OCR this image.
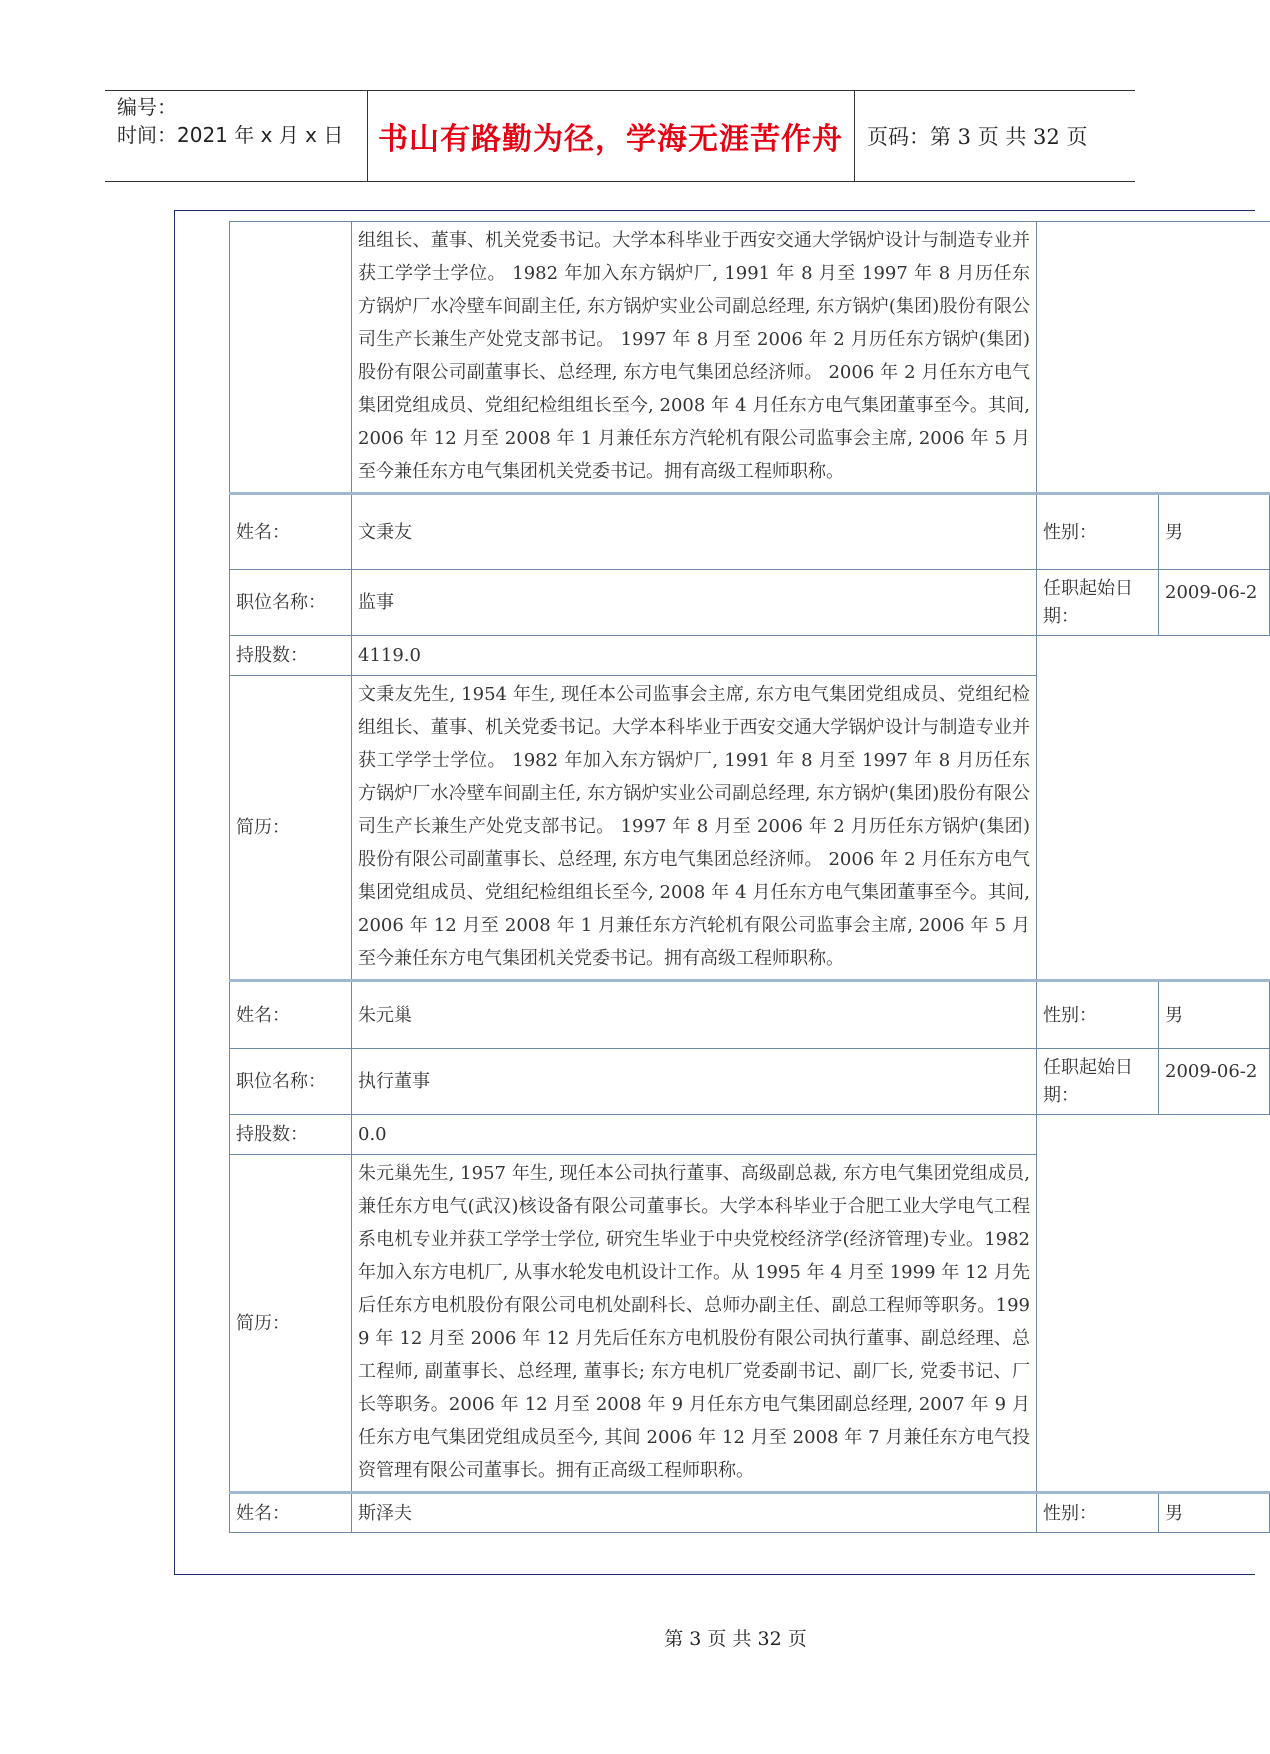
编号：
时间：2021 年 x 月 x 日	书山有路勤为径，学海无涯苦作舟	页码：第 3 页 共 32 页
	组组长、董事、机关党委书记。大学本科毕业于西安交通大学锅炉设计与制造专业并获工学学士学位。 1982 年加入东方锅炉厂, 1991 年 8 月至 1997 年 8 月历任东方锅炉厂水冷壁车间副主任, 东方锅炉实业公司副总经理, 东方锅炉(集团)股份有限公司生产长兼生产处党支部书记。 1997 年 8 月至 2006 年 2 月历任东方锅炉(集团)股份有限公司副董事长、总经理, 东方电气集团总经济师。 2006 年 2 月任东方电气集团党组成员、党组纪检组组长至今, 2008 年 4 月任东方电气集团董事至今。其间, 2006 年 12 月至 2008 年 1 月兼任东方汽轮机有限公司监事会主席, 2006 年 5 月至今兼任东方电气集团机关党委书记。拥有高级工程师职称。		
姓名：	文秉友	性别：	男
职位名称：	监事	任职起始日期：	2009-06-2
持股数：	4119.0		
简历：	文秉友先生, 1954 年生, 现任本公司监事会主席, 东方电气集团党组成员、党组纪检组组长、董事、机关党委书记。大学本科毕业于西安交通大学锅炉设计与制造专业并获工学学士学位。 1982 年加入东方锅炉厂, 1991 年 8 月至 1997 年 8 月历任东方锅炉厂水冷壁车间副主任, 东方锅炉实业公司副总经理, 东方锅炉(集团)股份有限公司生产长兼生产处党支部书记。 1997 年 8 月至 2006 年 2 月历任东方锅炉(集团)股份有限公司副董事长、总经理, 东方电气集团总经济师。 2006 年 2 月任东方电气集团党组成员、党组纪检组组长至今, 2008 年 4 月任东方电气集团董事至今。其间, 2006 年 12 月至 2008 年 1 月兼任东方汽轮机有限公司监事会主席, 2006 年 5 月至今兼任东方电气集团机关党委书记。拥有高级工程师职称。		
姓名：	朱元巢	性别：	男
职位名称：	执行董事	任职起始日期：	2009-06-2
持股数：	0.0		
简历：	朱元巢先生, 1957 年生, 现任本公司执行董事、高级副总裁, 东方电气集团党组成员, 兼任东方电气(武汉)核设备有限公司董事长。大学本科毕业于合肥工业大学电气工程系电机专业并获工学学士学位, 研究生毕业于中央党校经济学(经济管理)专业。1982 年加入东方电机厂, 从事水轮发电机设计工作。从 1995 年 4 月至 1999 年 12 月先后任东方电机股份有限公司电机处副科长、总师办副主任、副总工程师等职务。1999 年 12 月至 2006 年 12 月先后任东方电机股份有限公司执行董事、副总经理、总工程师, 副董事长、总经理, 董事长; 东方电机厂党委副书记、副厂长, 党委书记、厂长等职务。2006 年 12 月至 2008 年 9 月任东方电气集团副总经理, 2007 年 9 月任东方电气集团党组成员至今, 其间 2006 年 12 月至 2008 年 7 月兼任东方电气投资管理有限公司董事长。拥有正高级工程师职称。		
姓名：	斯泽夫	性别：	男
第 3 页 共 32 页
